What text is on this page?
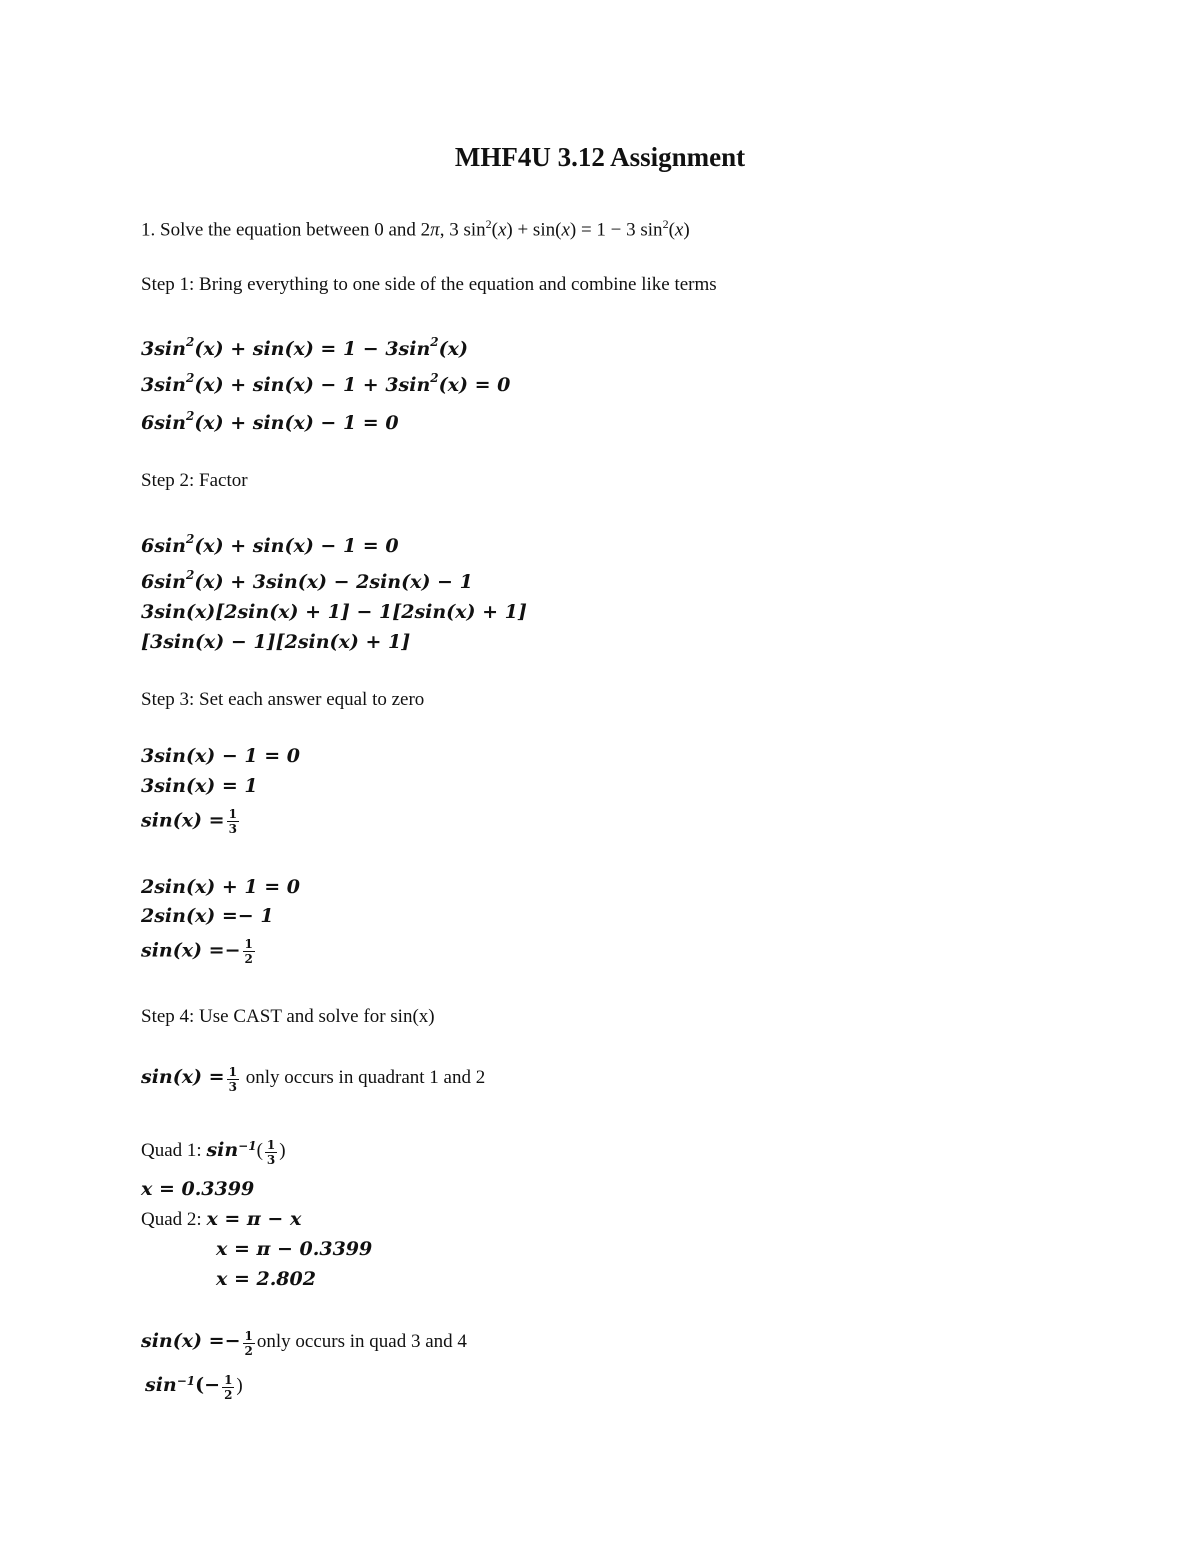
MHF4U 3.12 Assignment
1. Solve the equation between 0 and 2π, 3 $\sin^2(x) + \sin(x) = 1 - 3$ $\sin^2(x)$
Step 1: Bring everything to one side of the equation and combine like terms
$3\sin^2(x) + \sin(x) = 1 - 3\sin^2(x)$
$3\sin^2(x) + \sin(x) - 1 + 3\sin^2(x) = 0$
$6\sin^2(x) + \sin(x) - 1 = 0$
Step 2: Factor
$6\sin^2(x) + \sin(x) - 1 = 0$
$6\sin^2(x) + 3\sin(x) - 2\sin(x) - 1$
3sin(x)[2sin(x) + 1] − 1[2sin(x) + 1]
[3sin(x) − 1][2sin(x) + 1]
Step 3: Set each answer equal to zero
3sin(x) − 1 = 0
3sin(x) = 1
$\sin(x) = \frac{1}{3}$
2sin(x) + 1 = 0
2sin(x) =− 1
$\sin(x) =- \frac{1}{2}$
Step 4: Use CAST and solve for sin(x)
$\sin(x) = \frac{1}{3}$ only occurs in quadrant 1 and 2
Quad 1: $\sin^{-1}( \frac{1}{3}$ )
x = 0.3399
Quad 2: x = π − x
x = π − 0.3399
x = 2.802
$\sin(x) =- \frac{1}{2}$ only occurs in quad 3 and 4
$\sin^{-1}(- \frac{1}{2}$ )
